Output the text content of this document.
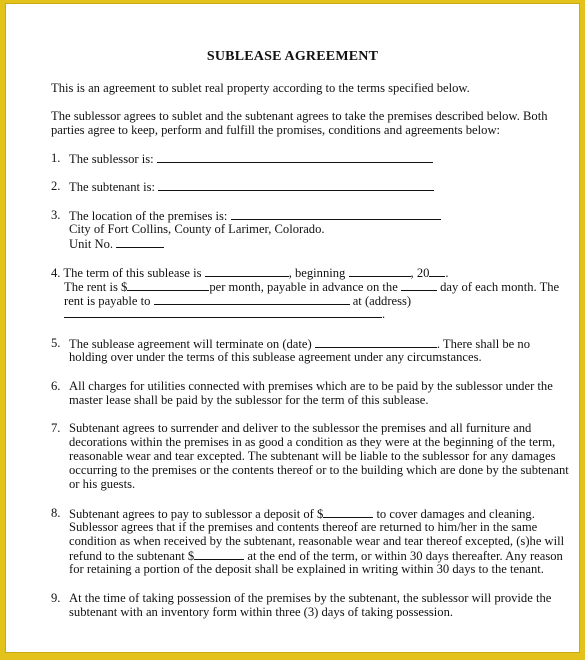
SUBLEASE AGREEMENT
This is an agreement to sublet real property according to the terms specified below.
The sublessor agrees to sublet and the subtenant agrees to take the premises described below. Both
parties agree to keep, perform and fulfill the promises, conditions and agreements below:
1. The sublessor is:
2. The subtenant is:
3. The location of the premises is:
City of Fort Collins, County of Larimer, Colorado.
Unit No.
4. The term of this sublease is	, beginning	, 20 .
The rent is $	per month, payable in advance on the	day of each month. The
rent is payable to	at (address)
.
5. The sublease agreement will terminate on (date)	. There shall be no
holding over under the terms of this sublease agreement under any circumstances.
6. All charges for utilities connected with premises which are to be paid by the sublessor under the
master lease shall be paid by the sublessor for the term of this sublease.
7. Subtenant agrees to surrender and deliver to the sublessor the premises and all furniture and
decorations within the premises in as good a condition as they were at the beginning of the term,
reasonable wear and tear excepted. The subtenant will be liable to the sublessor for any damages
occurring to the premises or the contents thereof or to the building which are done by the subtenant
or his guests.
8. Subtenant agrees to pay to sublessor a deposit of $	to cover damages and cleaning.
Sublessor agrees that if the premises and contents thereof are returned to him/her in the same
condition as when received by the subtenant, reasonable wear and tear thereof excepted, (s)he will
refund to the subtenant $	at the end of the term, or within 30 days thereafter. Any reason
for retaining a portion of the deposit shall be explained in writing within 30 days to the tenant.
9. At the time of taking possession of the premises by the subtenant, the sublessor will provide the
subtenant with an inventory form within three (3) days of taking possession.
